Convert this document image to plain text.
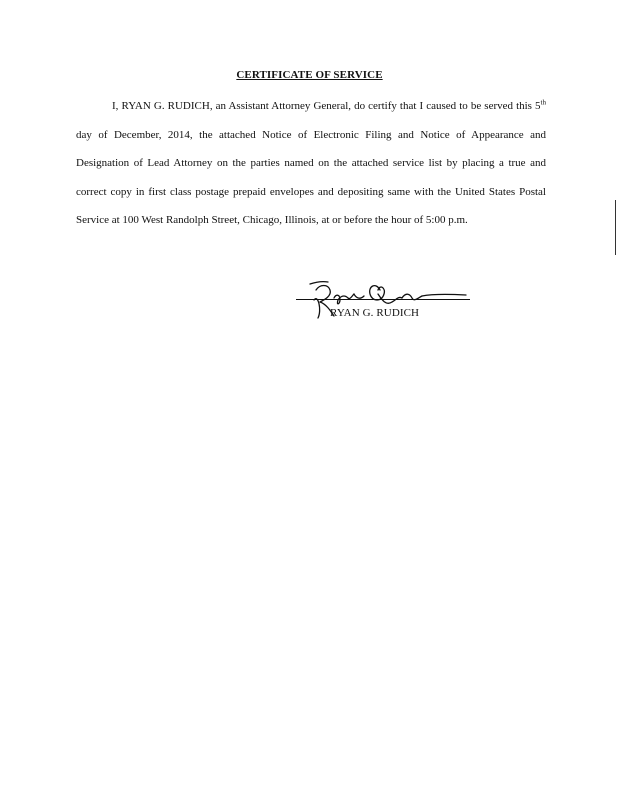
CERTIFICATE OF SERVICE

I, RYAN G. RUDICH, an Assistant Attorney General, do certify that I caused to be served this 5th day of December, 2014, the attached Notice of Electronic Filing and Notice of Appearance and Designation of Lead Attorney on the parties named on the attached service list by placing a true and correct copy in first class postage prepaid envelopes and depositing same with the United States Postal Service at 100 West Randolph Street, Chicago, Illinois, at or before the hour of 5:00 p.m.

RYAN G. RUDICH
